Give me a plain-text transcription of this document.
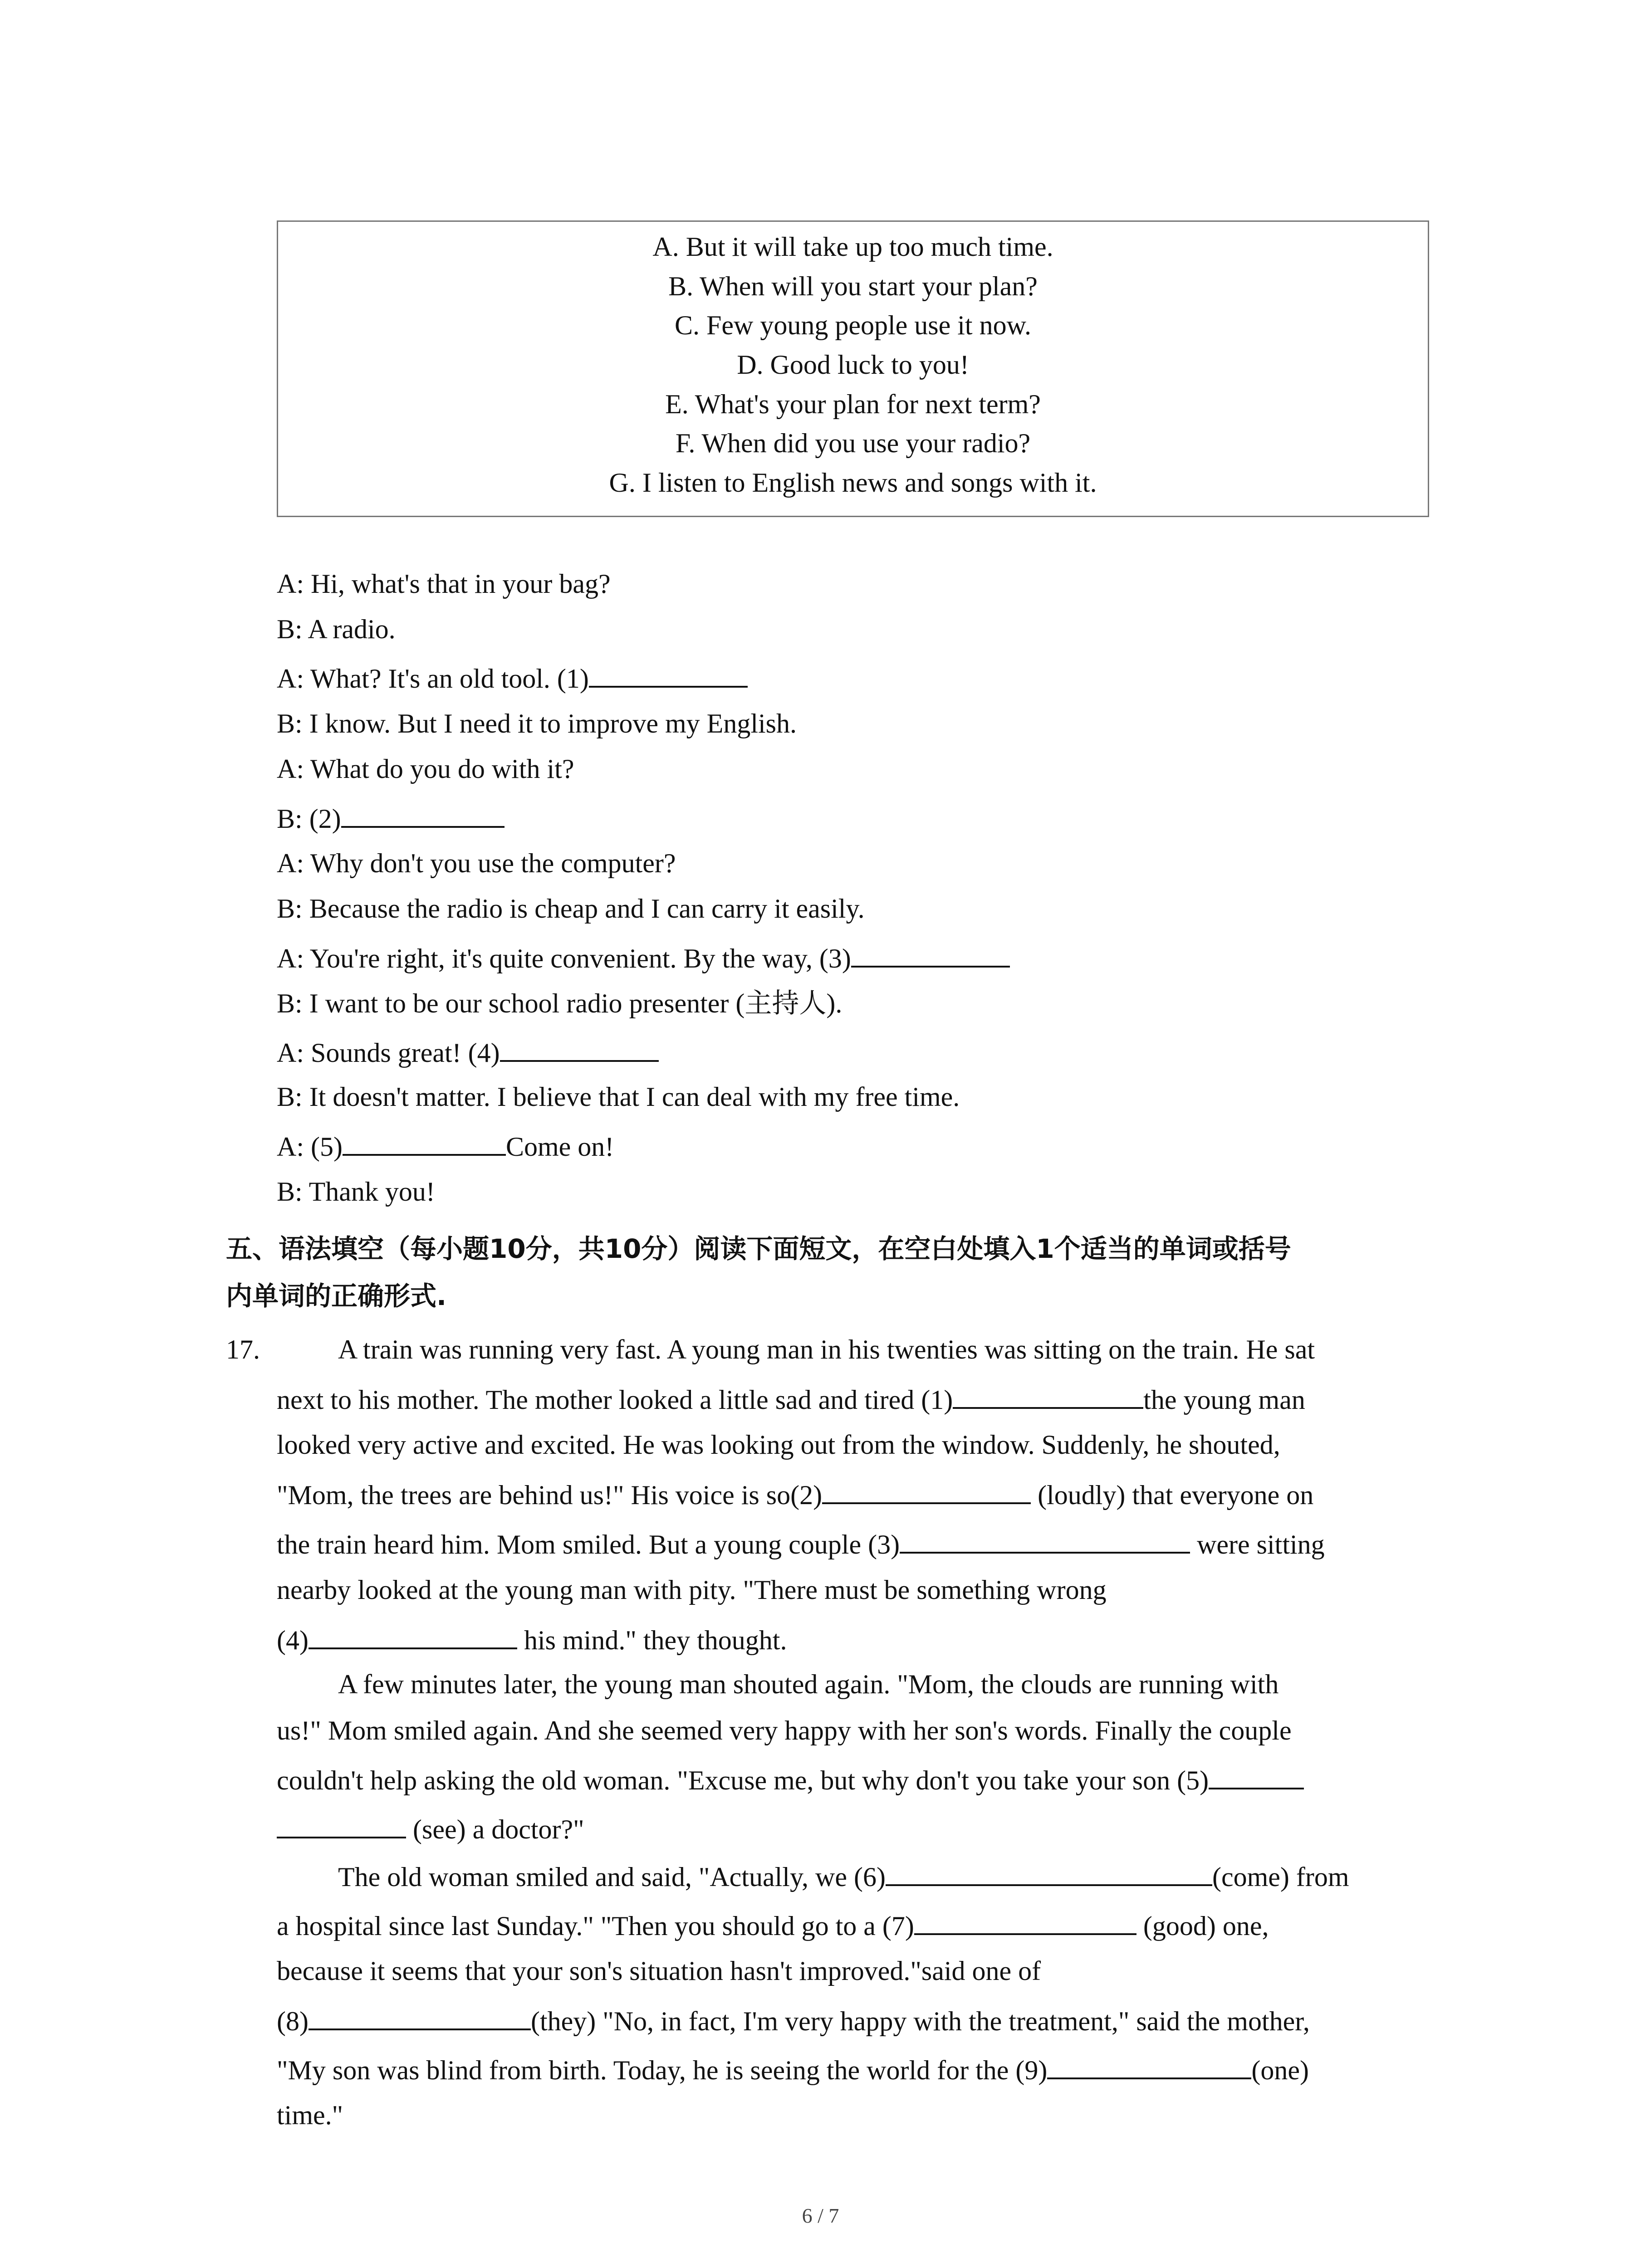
A. But it will take up too much time.
B. When will you start your plan?
C. Few young people use it now.
D. Good luck to you!
E. What's your plan for next term?
F. When did you use your radio?
G. I listen to English news and songs with it.
A: Hi, what's that in your bag?
B: A radio.
A: What? It's an old tool. (1)
B: I know. But I need it to improve my English.
A: What do you do with it?
B: (2)
A: Why don't you use the computer?
B: Because the radio is cheap and I can carry it easily.
A: You're right, it's quite convenient. By the way, (3)
B: I want to be our school radio presenter (主持人).
A: Sounds great! (4)
B: It doesn't matter. I believe that I can deal with my free time.
A: (5)	Come on!
B: Thank you!
五、语法填空（每小题10分，共10分）阅读下面短文，在空白处填入1个适当的单词或括号
内单词的正确形式.
17.	A train was running very fast. A young man in his twenties was sitting on the train. He sat
next to his mother. The mother looked a little sad and tired (1)	the young man
looked very active and excited. He was looking out from the window. Suddenly, he shouted,
"Mom, the trees are behind us!" His voice is so(2)	(loudly) that everyone on
the train heard him. Mom smiled. But a young couple (3)	were sitting
nearby looked at the young man with pity. "There must be something wrong
(4)	his mind." they thought.
A few minutes later, the young man shouted again. "Mom, the clouds are running with
us!" Mom smiled again. And she seemed very happy with her son's words. Finally the couple
couldn't help asking the old woman. "Excuse me, but why don't you take your son (5)
(see) a doctor?"
The old woman smiled and said, "Actually, we (6)	(come) from
a hospital since last Sunday." "Then you should go to a (7)	(good) one,
because it seems that your son's situation hasn't improved."said one of
(8)	(they) "No, in fact, I'm very happy with the treatment," said the mother,
"My son was blind from birth. Today, he is seeing the world for the (9)	(one)
time."
6 / 7
